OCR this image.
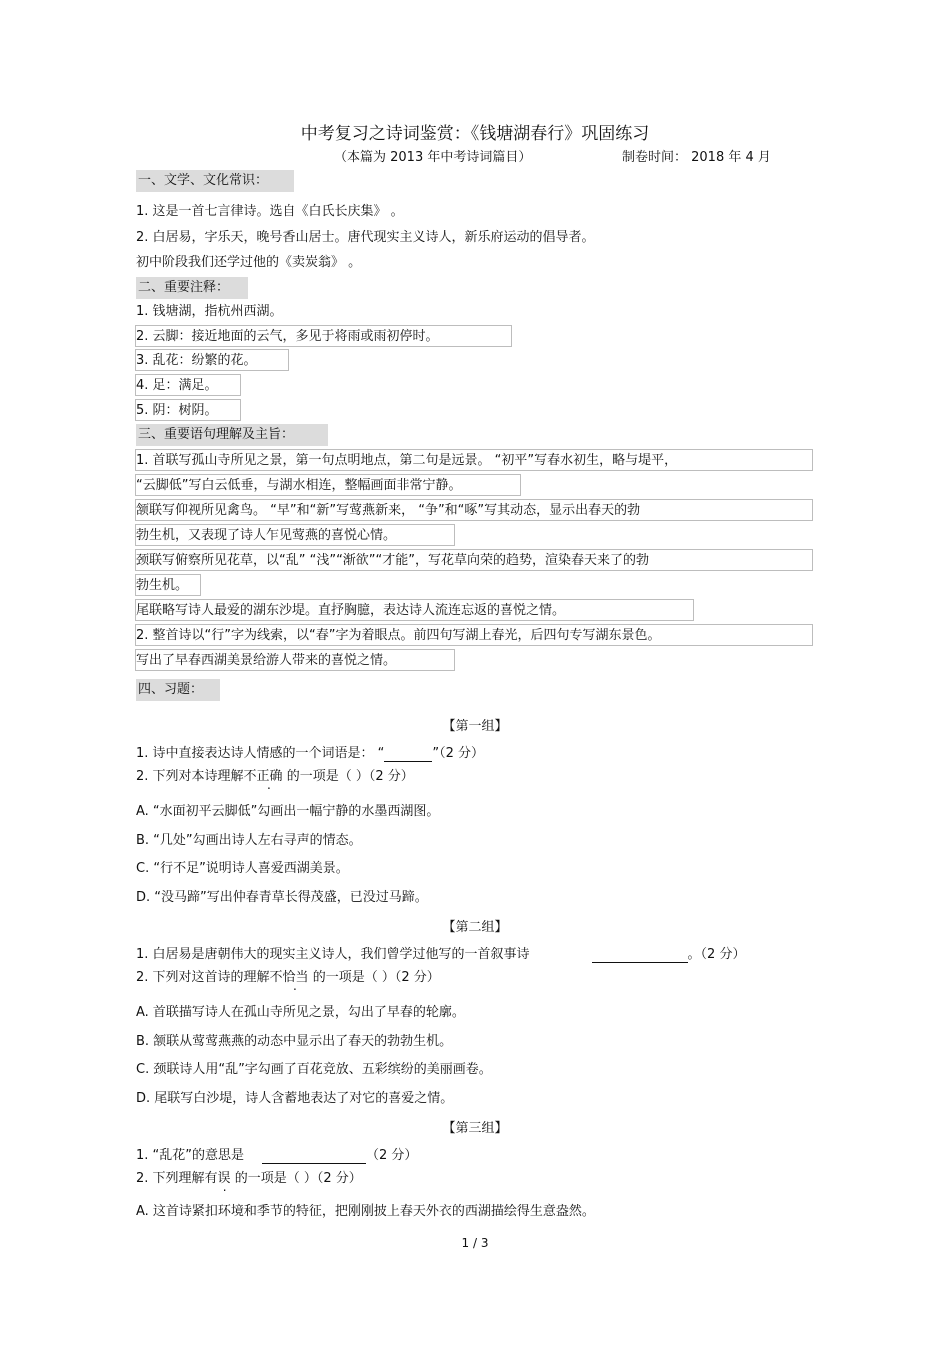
中考复习之诗词鉴赏：《钱塘湖春行》巩固练习
（本篇为 2013 年中考诗词篇目）	制卷时间： 2018 年 4 月
一、文学、文化常识：
1. 这是一首七言律诗。选自《白氏长庆集》 。
2. 白居易，字乐天，晚号香山居士。唐代现实主义诗人，新乐府运动的倡导者。
初中阶段我们还学过他的《卖炭翁》 。
二、重要注释：
1. 钱塘湖，指杭州西湖。
2. 云脚：接近地面的云气，多见于将雨或雨初停时。
3. 乱花：纷繁的花。
4. 足：满足。
5. 阴：树阴。
三、重要语句理解及主旨：
1. 首联写孤山寺所见之景，第一句点明地点，第二句是远景。 “初平”写春水初生，略与堤平，
“云脚低”写白云低垂，与湖水相连，整幅画面非常宁静。
颔联写仰视所见禽鸟。 “早”和“新”写莺燕新来， “争”和“啄”写其动态，显示出春天的勃
勃生机，又表现了诗人乍见莺燕的喜悦心情。
颈联写俯察所见花草，以“乱” “浅”“渐欲”“才能”，写花草向荣的趋势，渲染春天来了的勃
勃生机。
尾联略写诗人最爱的湖东沙堤。直抒胸臆，表达诗人流连忘返的喜悦之情。
2. 整首诗以“行”字为线索，以“春”字为着眼点。前四句写湖上春光，后四句专写湖东景色。
写出了早春西湖美景给游人带来的喜悦之情。
四、习题：
【第一组】
1. 诗中直接表达诗人情感的一个词语是： “	”（2 分）
2. 下列对本诗理解不正确 的一项是（ ）（2 分）
A. “水面初平云脚低”勾画出一幅宁静的水墨西湖图。
B. “几处”勾画出诗人左右寻声的情态。
C. “行不足”说明诗人喜爱西湖美景。
D. “没马蹄”写出仲春青草长得茂盛，已没过马蹄。
【第二组】
1. 白居易是唐朝伟大的现实主义诗人，我们曾学过他写的一首叙事诗	。（2 分）
2. 下列对这首诗的理解不恰当 的一项是（ ）（2 分）
A. 首联描写诗人在孤山寺所见之景，勾出了早春的轮廓。
B. 颔联从莺莺燕燕的动态中显示出了春天的勃勃生机。
C. 颈联诗人用“乱”字勾画了百花竞放、五彩缤纷的美丽画卷。
D. 尾联写白沙堤，诗人含蓄地表达了对它的喜爱之情。
【第三组】
1. “乱花”的意思是	（2 分）
2. 下列理解有误 的一项是（ ）（2 分）
A. 这首诗紧扣环境和季节的特征，把刚刚披上春天外衣的西湖描绘得生意盎然。
1 / 3
